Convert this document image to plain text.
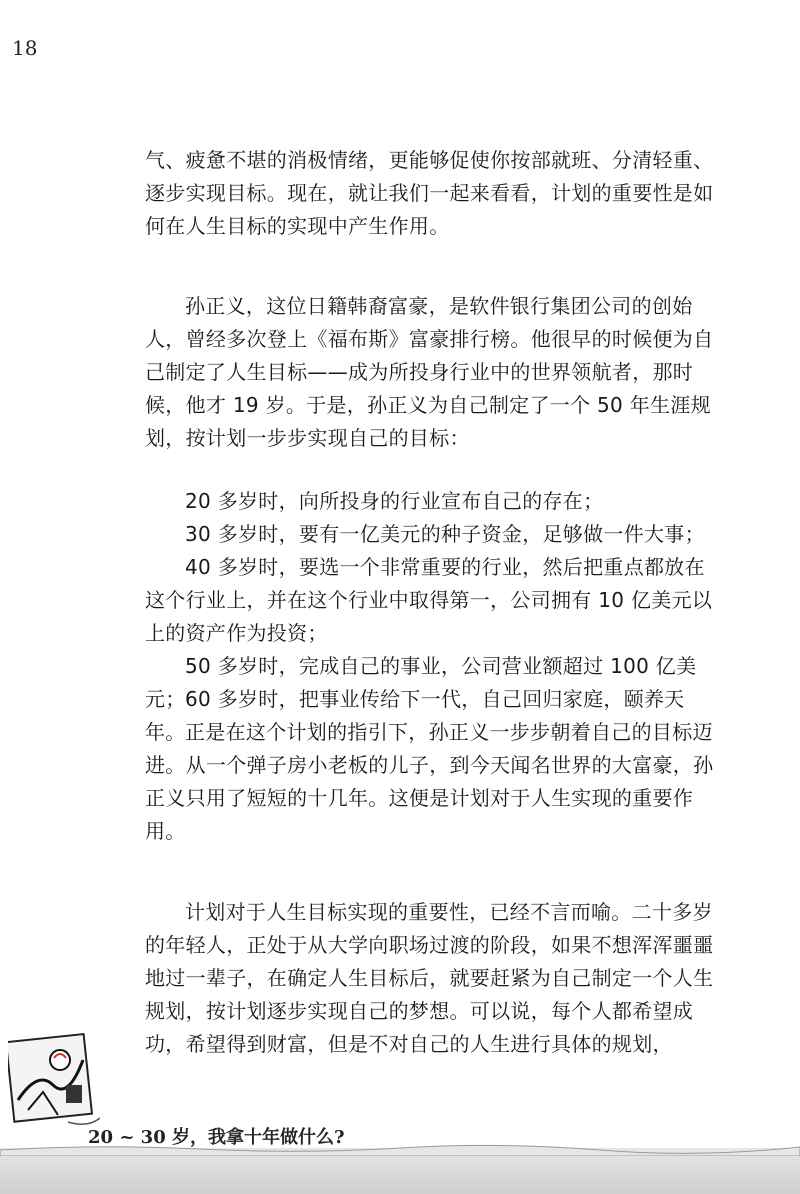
18

气、疲惫不堪的消极情绪，更能够促使你按部就班、分清轻重、逐步实现目标。现在，就让我们一起来看看，计划的重要性是如何在人生目标的实现中产生作用。

孙正义，这位日籍韩裔富豪，是软件银行集团公司的创始人，曾经多次登上《福布斯》富豪排行榜。他很早的时候便为自己制定了人生目标——成为所投身行业中的世界领航者，那时候，他才 19 岁。于是，孙正义为自己制定了一个 50 年生涯规划，按计划一步步实现自己的目标：

20 多岁时，向所投身的行业宣布自己的存在；

30 多岁时，要有一亿美元的种子资金，足够做一件大事；

40 多岁时，要选一个非常重要的行业，然后把重点都放在这个行业上，并在这个行业中取得第一，公司拥有 10 亿美元以上的资产作为投资；

50 多岁时，完成自己的事业，公司营业额超过 100 亿美元； 60 多岁时，把事业传给下一代，自己回归家庭，颐养天年。 正是在这个计划的指引下，孙正义一步步朝着自己的目标迈进。从一个弹子房小老板的儿子，到今天闻名世界的大富豪，孙正义只用了短短的十几年。这便是计划对于人生实现的重要作用。

计划对于人生目标实现的重要性，已经不言而喻。二十多岁的年轻人，正处于从大学向职场过渡的阶段，如果不想浑浑噩噩地过一辈子，在确定人生目标后，就要赶紧为自己制定一个人生规划，按计划逐步实现自己的梦想。可以说，每个人都希望成功，希望得到财富，但是不对自己的人生进行具体的规划，

20 ~ 30 岁，我拿十年做什么?
